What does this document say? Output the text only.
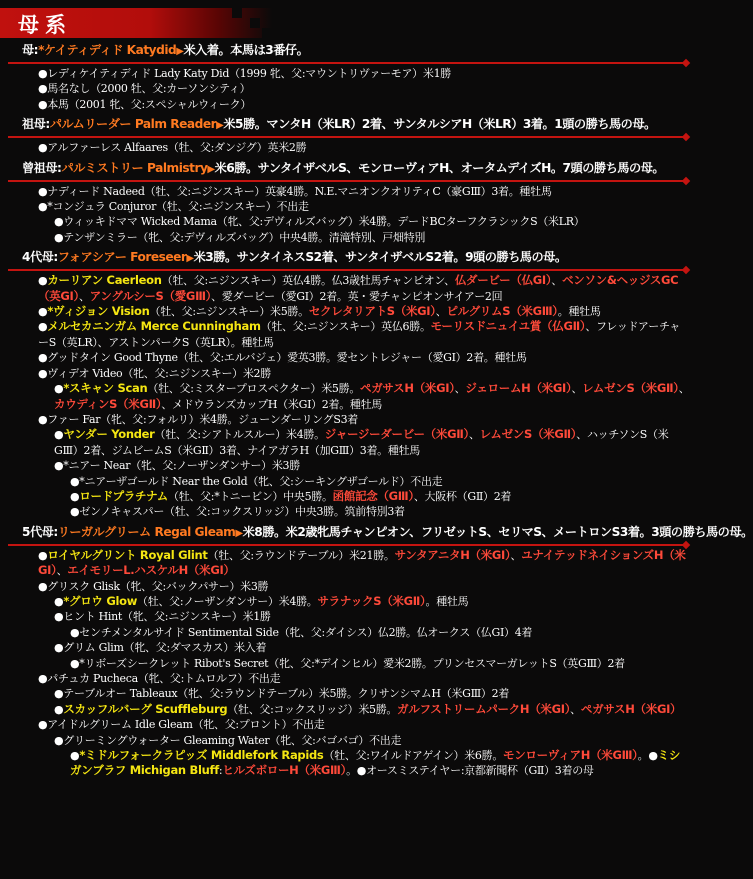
母系
母:*ケイティディド Katydid▶米入着。本馬は3番仔。
●レディケイティディド Lady Katy Did（1999 牝、父:マウントリヴァーモア）米1勝
●馬名なし（2000 牡、父:カーソンシティ）
●本馬（2001 牝、父:スペシャルウィーク）
祖母:パルムリーダー Palm Reader▶米5勝。マンタH（米LR）2着、サンタルシアH（米LR）3着。1頭の勝ち馬の母。
●アルファーレス Alfaares（牡、父:ダンジグ）英米2勝
曾祖母:パルミストリー Palmistry▶米6勝。サンタイザベルS、モンローヴィアH、オータムデイズH。7頭の勝ち馬の母。
●ナディード Nadeed（牡、父:ニジンスキー）英豪4勝。N.E.マニオンクオリティC（豪GⅢ）3着。種牡馬
●*コンジュラ Conjuror（牡、父:ニジンスキー）不出走
●ウィッキドママ Wicked Mama（牝、父:デヴィルズバッグ）米4勝。デードBCターフクラシックS（米LR）
●テンザンミラー（牝、父:デヴィルズバッグ）中央4勝。清滝特別、戸畑特別
4代母:フォアシアー Foreseer▶米3勝。サンタイネスS2着、サンタイザベルS2着。9頭の勝ち馬の母。
●カーリアン Caerleon（牡、父:ニジンスキー）英仏4勝。仏3歳牡馬チャンピオン、仏ダービー（仏GⅠ）、ベンソン&ヘッジスGC（英GⅠ）、アングルシーS（愛GⅢ）、愛ダービー（愛GⅠ）2着。英・愛チャンピオンサイアー2回
●*ヴィジョン Vision（牡、父:ニジンスキー）米5勝。セクレタリアトS（米GⅠ）、ピルグリムS（米GⅢ）。種牡馬
●メルセカニンガム Merce Cunningham（牡、父:ニジンスキー）英仏6勝。モーリスドニュイユ賞（仏GⅡ）、フレッドアーチャーS（英LR）、アストンパークS（英LR）。種牡馬
●グッドタイン Good Thyne（牡、父:エルバジェ）愛英3勝。愛セントレジャー（愛GⅠ）2着。種牡馬
●ヴィデオ Video（牝、父:ニジンスキー）米2勝
●*スキャン Scan（牡、父:ミスタープロスペクター）米5勝。ペガサスH（米GⅠ）、ジェロームH（米GⅠ）、レムゼンS（米GⅡ）、カウディンS（米GⅡ）、メドウランズカップH（米GⅠ）2着。種牡馬
●ファー Far（牝、父:フォルリ）米4勝。ジューンダーリングS3着
●ヤンダー Yonder（牡、父:シアトルスルー）米4勝。ジャージーダービー（米GⅡ）、レムゼンS（米GⅡ）、ハッチソンS（米GⅢ）2着、ジムビームS（米GⅡ）3着、ナイアガラH（加GⅢ）3着。種牡馬
●*ニアー Near（牝、父:ノーザンダンサー）米3勝
●*ニアーザゴールド Near the Gold（牝、父:シーキングザゴールド）不出走
●ロードプラチナム（牡、父:*トニービン）中央5勝。函館記念（GⅢ）、大阪杯（GⅡ）2着
●ゼンノキャスパー（牡、父:コックスリッジ）中央3勝。筑前特別3着
5代母:リーガルグリーム Regal Gleam▶米8勝。米2歳牝馬チャンピオン、フリゼットS、セリマS、メートロンS3着。3頭の勝ち馬の母。
●ロイヤルグリント Royal Glint（牡、父:ラウンドテーブル）米21勝。サンタアニタH（米GⅠ）、ユナイテッドネイションズH（米GⅠ）、エイモリーL.ハスケルH（米GⅠ）
●グリスク Glisk（牝、父:バックパサー）米3勝
●*グロウ Glow（牡、父:ノーザンダンサー）米4勝。サラナックS（米GⅡ）。種牡馬
●ヒント Hint（牝、父:ニジンスキー）米1勝
●センチメンタルサイド Sentimental Side（牝、父:ダイシス）仏2勝。仏オークス（仏GⅠ）4着
●グリム Glim（牝、父:ダマスカス）米入着
●*リボーズシークレット Ribot's Secret（牝、父:*デインヒル）愛米2勝。プリンセスマーガレットS（英GⅢ）2着
●パチュカ Pucheca（牝、父:トムロルフ）不出走
●テーブルオー Tableaux（牝、父:ラウンドテーブル）米5勝。クリサンシマムH（米GⅢ）2着
●スカッフルバーグ Scuffleburg（牡、父:コックスリッジ）米5勝。ガルフストリームパークH（米GⅠ）、ペガサスH（米GⅠ）
●アイドルグリーム Idle Gleam（牝、父:プロント）不出走
●グリーミングウォーター Gleaming Water（牝、父:バゴバゴ）不出走
●*ミドルフォークラピッズ Middlefork Rapids（牡、父:ワイルドアゲイン）米6勝。モンローヴィアH（米GⅢ）。●ミシガンブラフ Michigan Bluff:ヒルズボローH（米GⅢ）。●オースミステイヤー:京都新聞杯（GⅡ）3着の母
